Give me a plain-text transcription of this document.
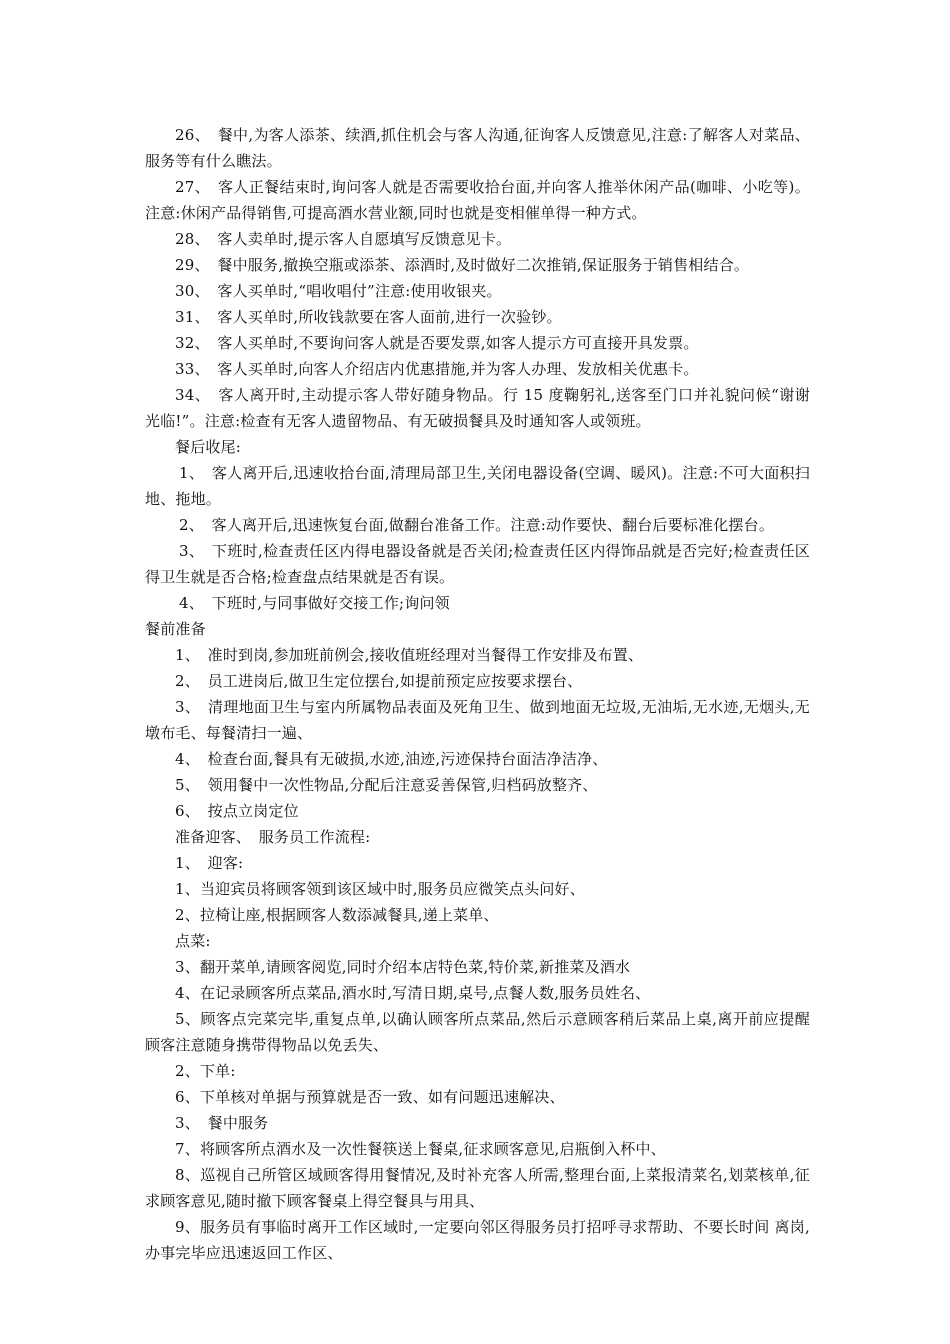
26、　餐中,为客人添茶、续酒,抓住机会与客人沟通,征询客人反馈意见,注意:了解客人对菜品、服务等有什么瞧法。

27、　客人正餐结束时,询问客人就是否需要收拾台面,并向客人推举休闲产品(咖啡、小吃等)。注意:休闲产品得销售,可提高酒水营业额,同时也就是变相催单得一种方式。

28、　客人卖单时,提示客人自愿填写反馈意见卡。

29、　餐中服务,撤换空瓶或添茶、添酒时,及时做好二次推销,保证服务于销售相结合。

30、　客人买单时,“唱收唱付”注意:使用收银夹。

31、　客人买单时,所收钱款要在客人面前,进行一次验钞。

32、　客人买单时,不要询问客人就是否要发票,如客人提示方可直接开具发票。

33、　客人买单时,向客人介绍店内优惠措施,并为客人办理、发放相关优惠卡。

34、　客人离开时,主动提示客人带好随身物品。行 15 度鞠躬礼,送客至门口并礼貌问候“谢谢光临!”。注意:检查有无客人遗留物品、有无破损餐具及时通知客人或领班。

餐后收尾:

1、　客人离开后,迅速收拾台面,清理局部卫生,关闭电器设备(空调、暖风)。注意:不可大面积扫地、拖地。

2、　客人离开后,迅速恢复台面,做翻台准备工作。注意:动作要快、翻台后要标准化摆台。

3、　下班时,检查责任区内得电器设备就是否关闭;检查责任区内得饰品就是否完好;检查责任区得卫生就是否合格;检查盘点结果就是否有误。

4、　下班时,与同事做好交接工作;询问领

餐前准备

1、　准时到岗,参加班前例会,接收值班经理对当餐得工作安排及布置、

2、　员工进岗后,做卫生定位摆台,如提前预定应按要求摆台、

3、　清理地面卫生与室内所属物品表面及死角卫生、做到地面无垃圾,无油垢,无水迹,无烟头,无墩布毛、每餐清扫一遍、

4、　检查台面,餐具有无破损,水迹,油迹,污迹保持台面洁净洁净、

5、　领用餐中一次性物品,分配后注意妥善保管,归档码放整齐、

6、　按点立岗定位

准备迎客、　服务员工作流程:

1、　迎客:

1、当迎宾员将顾客领到该区域中时,服务员应微笑点头问好、

2、拉椅让座,根据顾客人数添减餐具,递上菜单、

点菜:

3、翻开菜单,请顾客阅览,同时介绍本店特色菜,特价菜,新推菜及酒水

4、在记录顾客所点菜品,酒水时,写清日期,桌号,点餐人数,服务员姓名、

5、顾客点完菜完毕,重复点单,以确认顾客所点菜品,然后示意顾客稍后菜品上桌,离开前应提醒顾客注意随身携带得物品以免丢失、

2、下单:

6、下单核对单据与预算就是否一致、如有问题迅速解决、

3、　餐中服务

7、将顾客所点酒水及一次性餐筷送上餐桌,征求顾客意见,启瓶倒入杯中、

8、巡视自己所管区域顾客得用餐情况,及时补充客人所需,整理台面,上菜报清菜名,划菜核单,征求顾客意见,随时撤下顾客餐桌上得空餐具与用具、

9、服务员有事临时离开工作区域时,一定要向邻区得服务员打招呼寻求帮助、不要长时间 离岗,办事完毕应迅速返回工作区、
